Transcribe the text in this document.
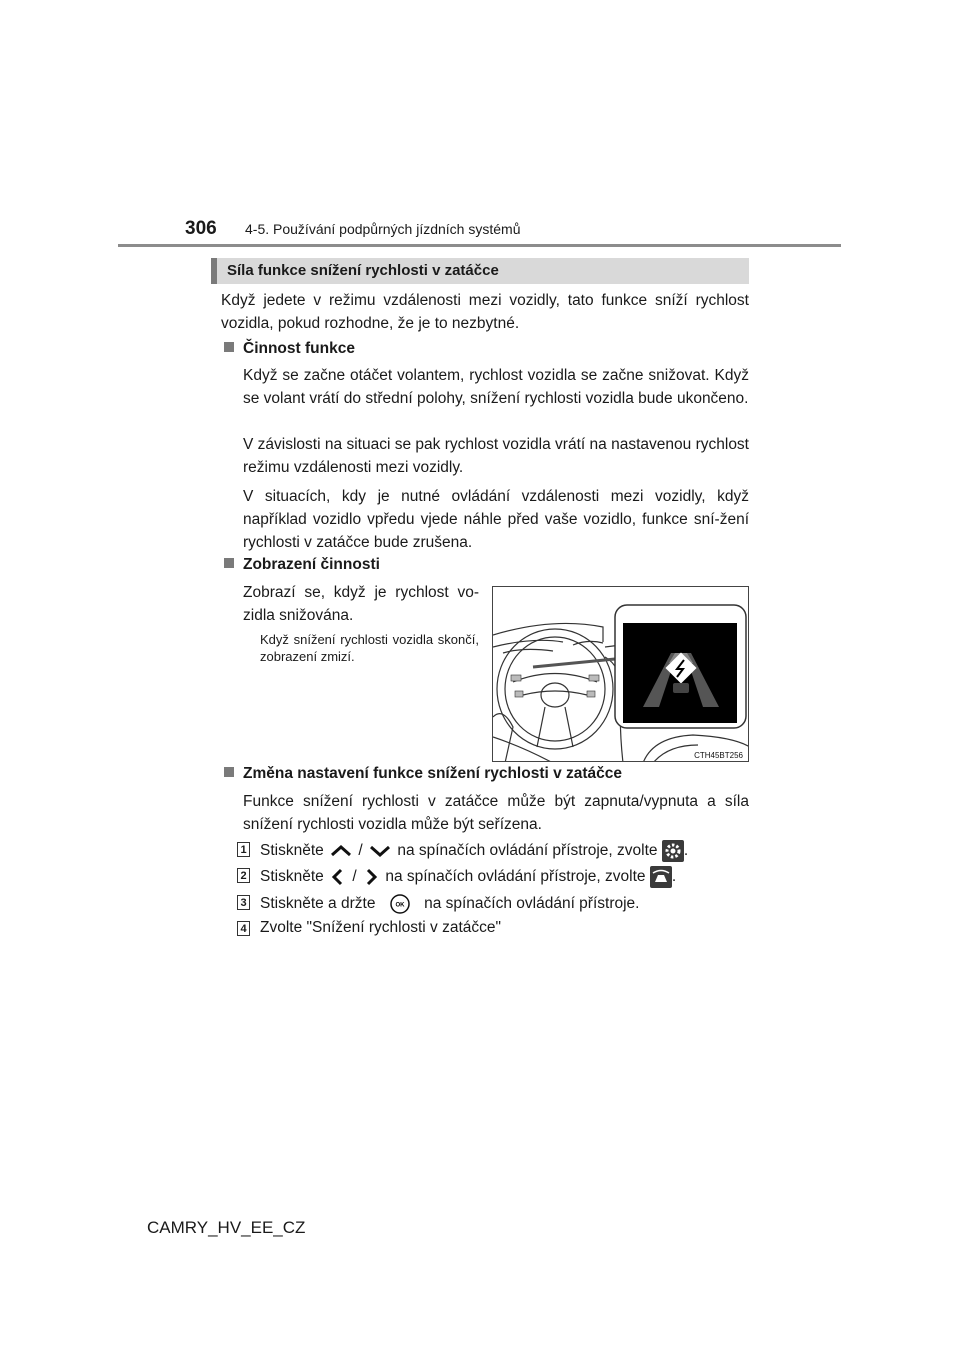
306 4-5. Používání podpůrných jízdních systémů
Síla funkce snížení rychlosti v zatáčce
Když jedete v režimu vzdálenosti mezi vozidly, tato funkce sníží rychlost vozidla, pokud rozhodne, že je to nezbytné.
Činnost funkce
Když se začne otáčet volantem, rychlost vozidla se začne snižovat. Když se volant vrátí do střední polohy, snížení rychlosti vozidla bude ukončeno.
V závislosti na situaci se pak rychlost vozidla vrátí na nastavenou rychlost režimu vzdálenosti mezi vozidly.
V situacích, kdy je nutné ovládání vzdálenosti mezi vozidly, když například vozidlo vpředu vjede náhle před vaše vozidlo, funkce sní-žení rychlosti v zatáčce bude zrušena.
Zobrazení činnosti
Zobrazí se, když je rychlost vo-zidla snižována.
Když snížení rychlosti vozidla skončí, zobrazení zmizí.
CTH45BT256
Změna nastavení funkce snížení rychlosti v zatáčce
Funkce snížení rychlosti v zatáčce může být zapnuta/vypnuta a síla snížení rychlosti vozidla může být seřízena.
1 Stiskněte / na spínačích ovládání přístroje, zvolte .
2 Stiskněte / na spínačích ovládání přístroje, zvolte .
3 Stiskněte a držte	OK na spínačích ovládání přístroje.
4 Zvolte "Snížení rychlosti v zatáčce"
CAMRY_HV_EE_CZ
